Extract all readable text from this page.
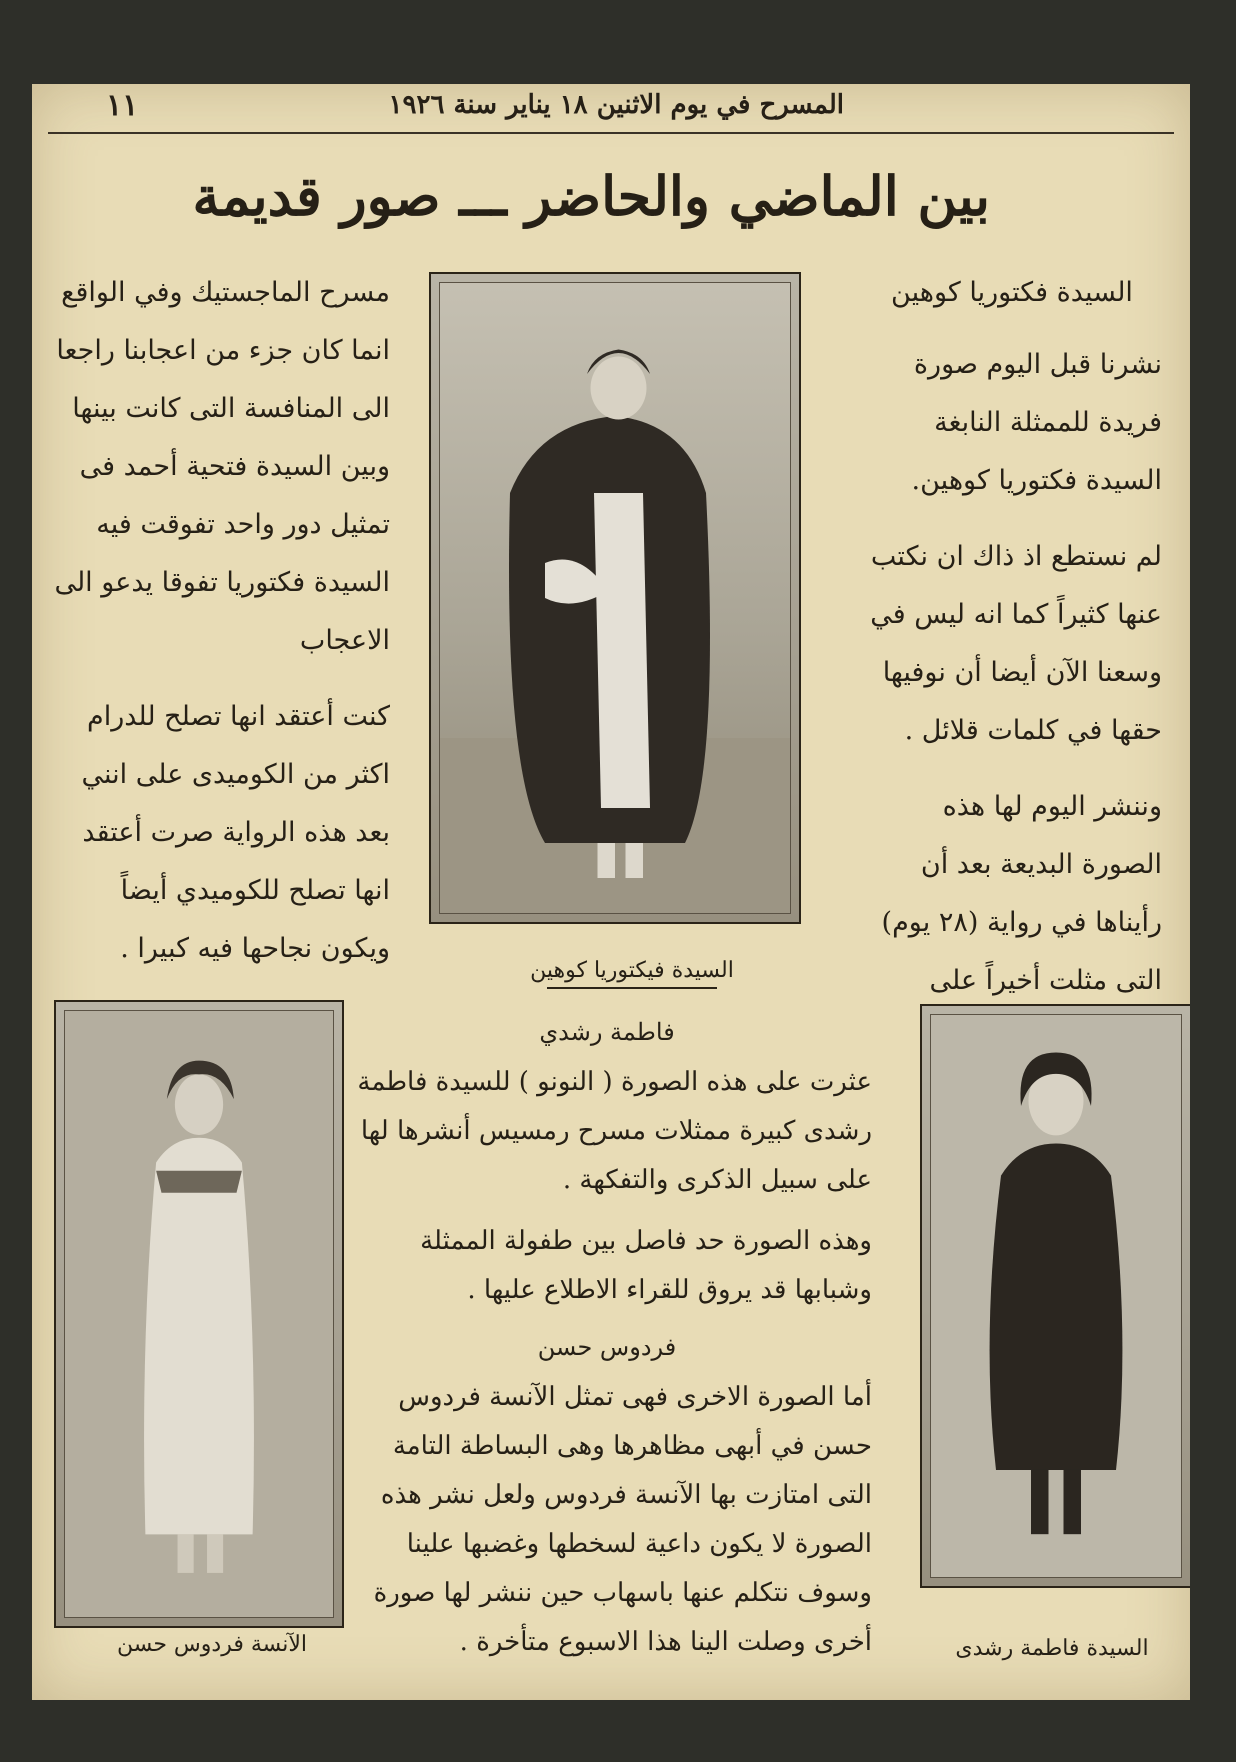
المسرح في يوم الاثنين ١٨ يناير سنة ١٩٢٦
١١
بين الماضي والحاضر ـــ صور قديمة

السيدة فكتوريا كوهين

نشرنا قبل اليوم صورة فريدة للممثلة النابغة السيدة فكتوريا كوهين.

لم نستطع اذ ذاك ان نكتب عنها كثيراً كما انه ليس في وسعنا الآن أيضا أن نوفيها حقها في كلمات قلائل .

وننشر اليوم لها هذه الصورة البديعة بعد أن رأيناها في رواية (٢٨ يوم) التى مثلت أخيراً على

مسرح الماجستيك وفي الواقع انما كان جزء من اعجابنا راجعا الى المنافسة التى كانت بينها وبين السيدة فتحية أحمد فى تمثيل دور واحد تفوقت فيه السيدة فكتوريا تفوقا يدعو الى الاعجاب

كنت أعتقد انها تصلح للدرام اكثر من الكوميدى على انني بعد هذه الرواية صرت أعتقد انها تصلح للكوميدي أيضاً ويكون نجاحها فيه كبيرا .

السيدة فيكتوريا كوهين

فاطمة رشدي

عثرت على هذه الصورة ( النونو ) للسيدة فاطمة رشدى كبيرة ممثلات مسرح رمسيس أنشرها لها على سبيل الذكرى والتفكهة .

وهذه الصورة حد فاصل بين طفولة الممثلة وشبابها قد يروق للقراء الاطلاع عليها .

فردوس حسن

أما الصورة الاخرى فهى تمثل الآنسة فردوس حسن في أبهى مظاهرها وهى البساطة التامة التى امتازت بها الآنسة فردوس ولعل نشر هذه الصورة لا يكون داعية لسخطها وغضبها علينا وسوف نتكلم عنها باسهاب حين ننشر لها صورة أخرى وصلت الينا هذا الاسبوع متأخرة .

الآنسة فردوس حسن	السيدة فاطمة رشدى
